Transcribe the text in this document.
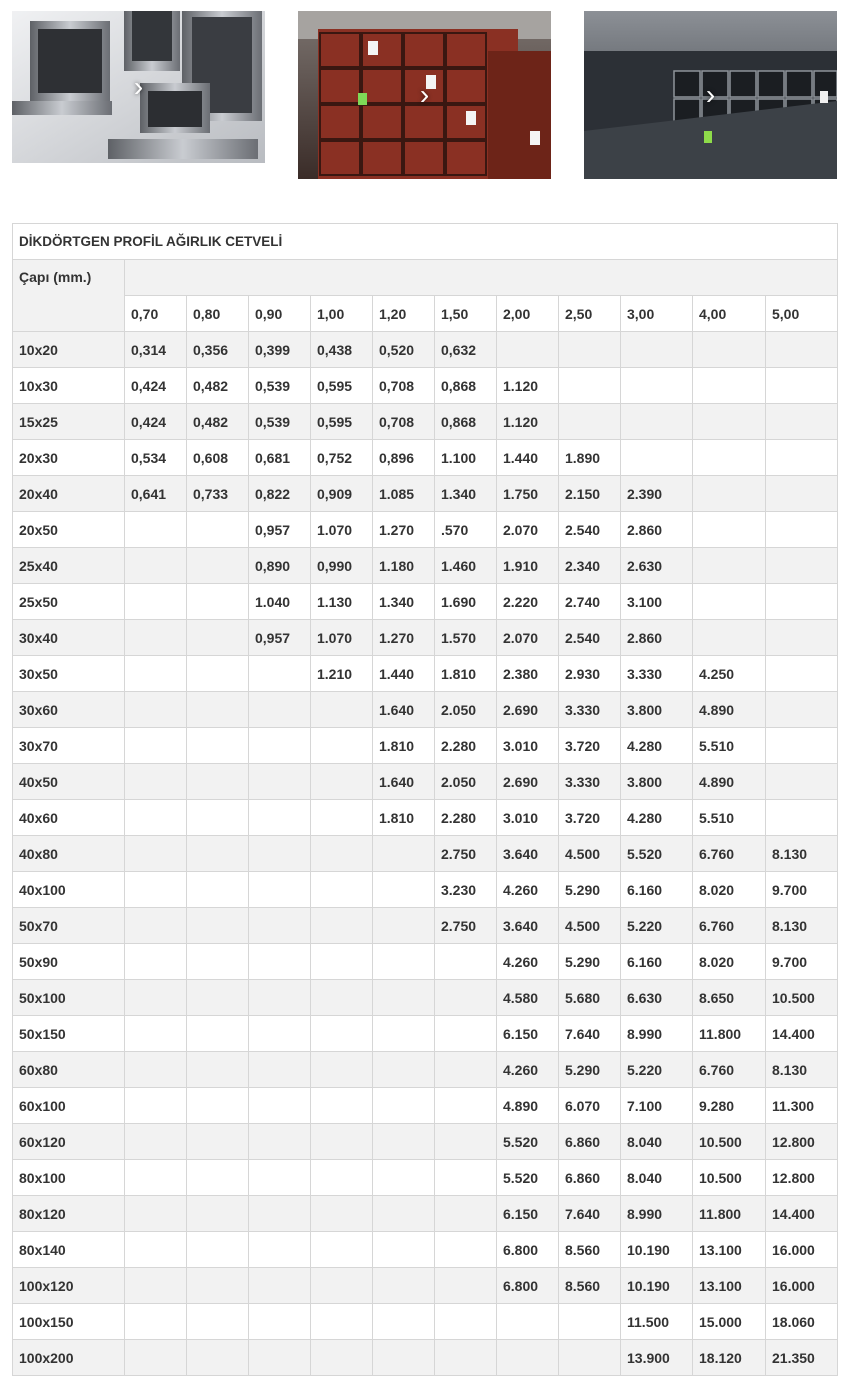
›	›	›
DİKDÖRTGEN PROFİL AĞIRLIK CETVELİ											
Çapı (mm.)											
	0,70	0,80	0,90	1,00	1,20	1,50	2,00	2,50	3,00	4,00	5,00
10x20	0,314	0,356	0,399	0,438	0,520	0,632					
10x30	0,424	0,482	0,539	0,595	0,708	0,868	1.120				
15x25	0,424	0,482	0,539	0,595	0,708	0,868	1.120				
20x30	0,534	0,608	0,681	0,752	0,896	1.100	1.440	1.890			
20x40	0,641	0,733	0,822	0,909	1.085	1.340	1.750	2.150	2.390		
20x50			0,957	1.070	1.270	.570	2.070	2.540	2.860		
25x40			0,890	0,990	1.180	1.460	1.910	2.340	2.630		
25x50			1.040	1.130	1.340	1.690	2.220	2.740	3.100		
30x40			0,957	1.070	1.270	1.570	2.070	2.540	2.860		
30x50				1.210	1.440	1.810	2.380	2.930	3.330	4.250	
30x60					1.640	2.050	2.690	3.330	3.800	4.890	
30x70					1.810	2.280	3.010	3.720	4.280	5.510	
40x50					1.640	2.050	2.690	3.330	3.800	4.890	
40x60					1.810	2.280	3.010	3.720	4.280	5.510	
40x80						2.750	3.640	4.500	5.520	6.760	8.130
40x100						3.230	4.260	5.290	6.160	8.020	9.700
50x70						2.750	3.640	4.500	5.220	6.760	8.130
50x90							4.260	5.290	6.160	8.020	9.700
50x100							4.580	5.680	6.630	8.650	10.500
50x150							6.150	7.640	8.990	11.800	14.400
60x80							4.260	5.290	5.220	6.760	8.130
60x100							4.890	6.070	7.100	9.280	11.300
60x120							5.520	6.860	8.040	10.500	12.800
80x100							5.520	6.860	8.040	10.500	12.800
80x120							6.150	7.640	8.990	11.800	14.400
80x140							6.800	8.560	10.190	13.100	16.000
100x120							6.800	8.560	10.190	13.100	16.000
100x150									11.500	15.000	18.060
100x200									13.900	18.120	21.350
